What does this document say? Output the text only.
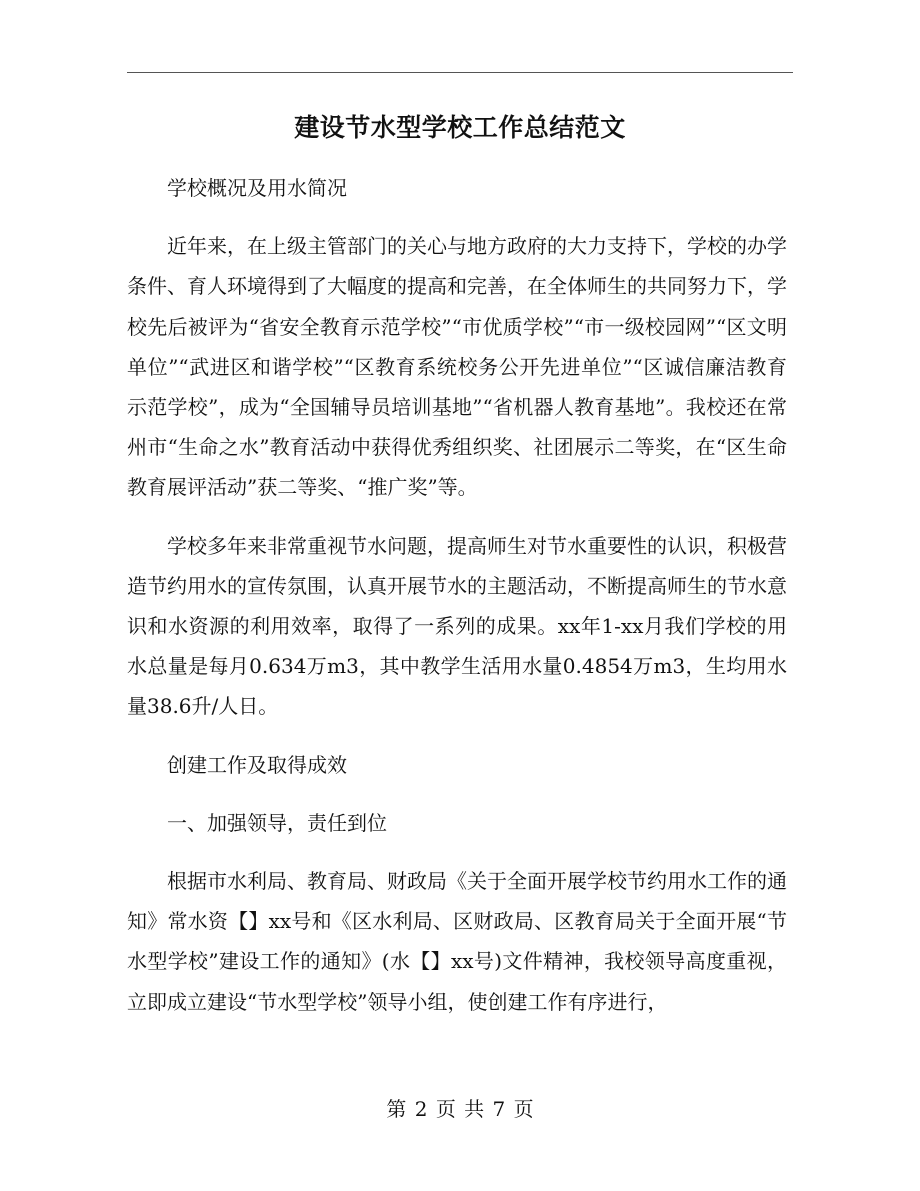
建设节水型学校工作总结范文

学校概况及用水简况

近年来，在上级主管部门的关心与地方政府的大力支持下，学校的办学条件、育人环境得到了大幅度的提高和完善，在全体师生的共同努力下，学校先后被评为“省安全教育示范学校”“市优质学校”“市一级校园网”“区文明单位”“武进区和谐学校”“区教育系统校务公开先进单位”“区诚信廉洁教育示范学校”，成为“全国辅导员培训基地”“省机器人教育基地”。我校还在常州市“生命之水”教育活动中获得优秀组织奖、社团展示二等奖，在“区生命教育展评活动”获二等奖、“推广奖”等。

学校多年来非常重视节水问题，提高师生对节水重要性的认识，积极营造节约用水的宣传氛围，认真开展节水的主题活动，不断提高师生的节水意识和水资源的利用效率，取得了一系列的成果。xx年1-xx月我们学校的用水总量是每月0.634万m3，其中教学生活用水量0.4854万m3，生均用水量38.6升/人日。

创建工作及取得成效

一、加强领导，责任到位

根据市水利局、教育局、财政局《关于全面开展学校节约用水工作的通知》常水资【】xx号和《区水利局、区财政局、区教育局关于全面开展“节水型学校”建设工作的通知》(水【】xx号)文件精神，我校领导高度重视，立即成立建设“节水型学校”领导小组，使创建工作有序进行，

第 2 页 共 7 页
